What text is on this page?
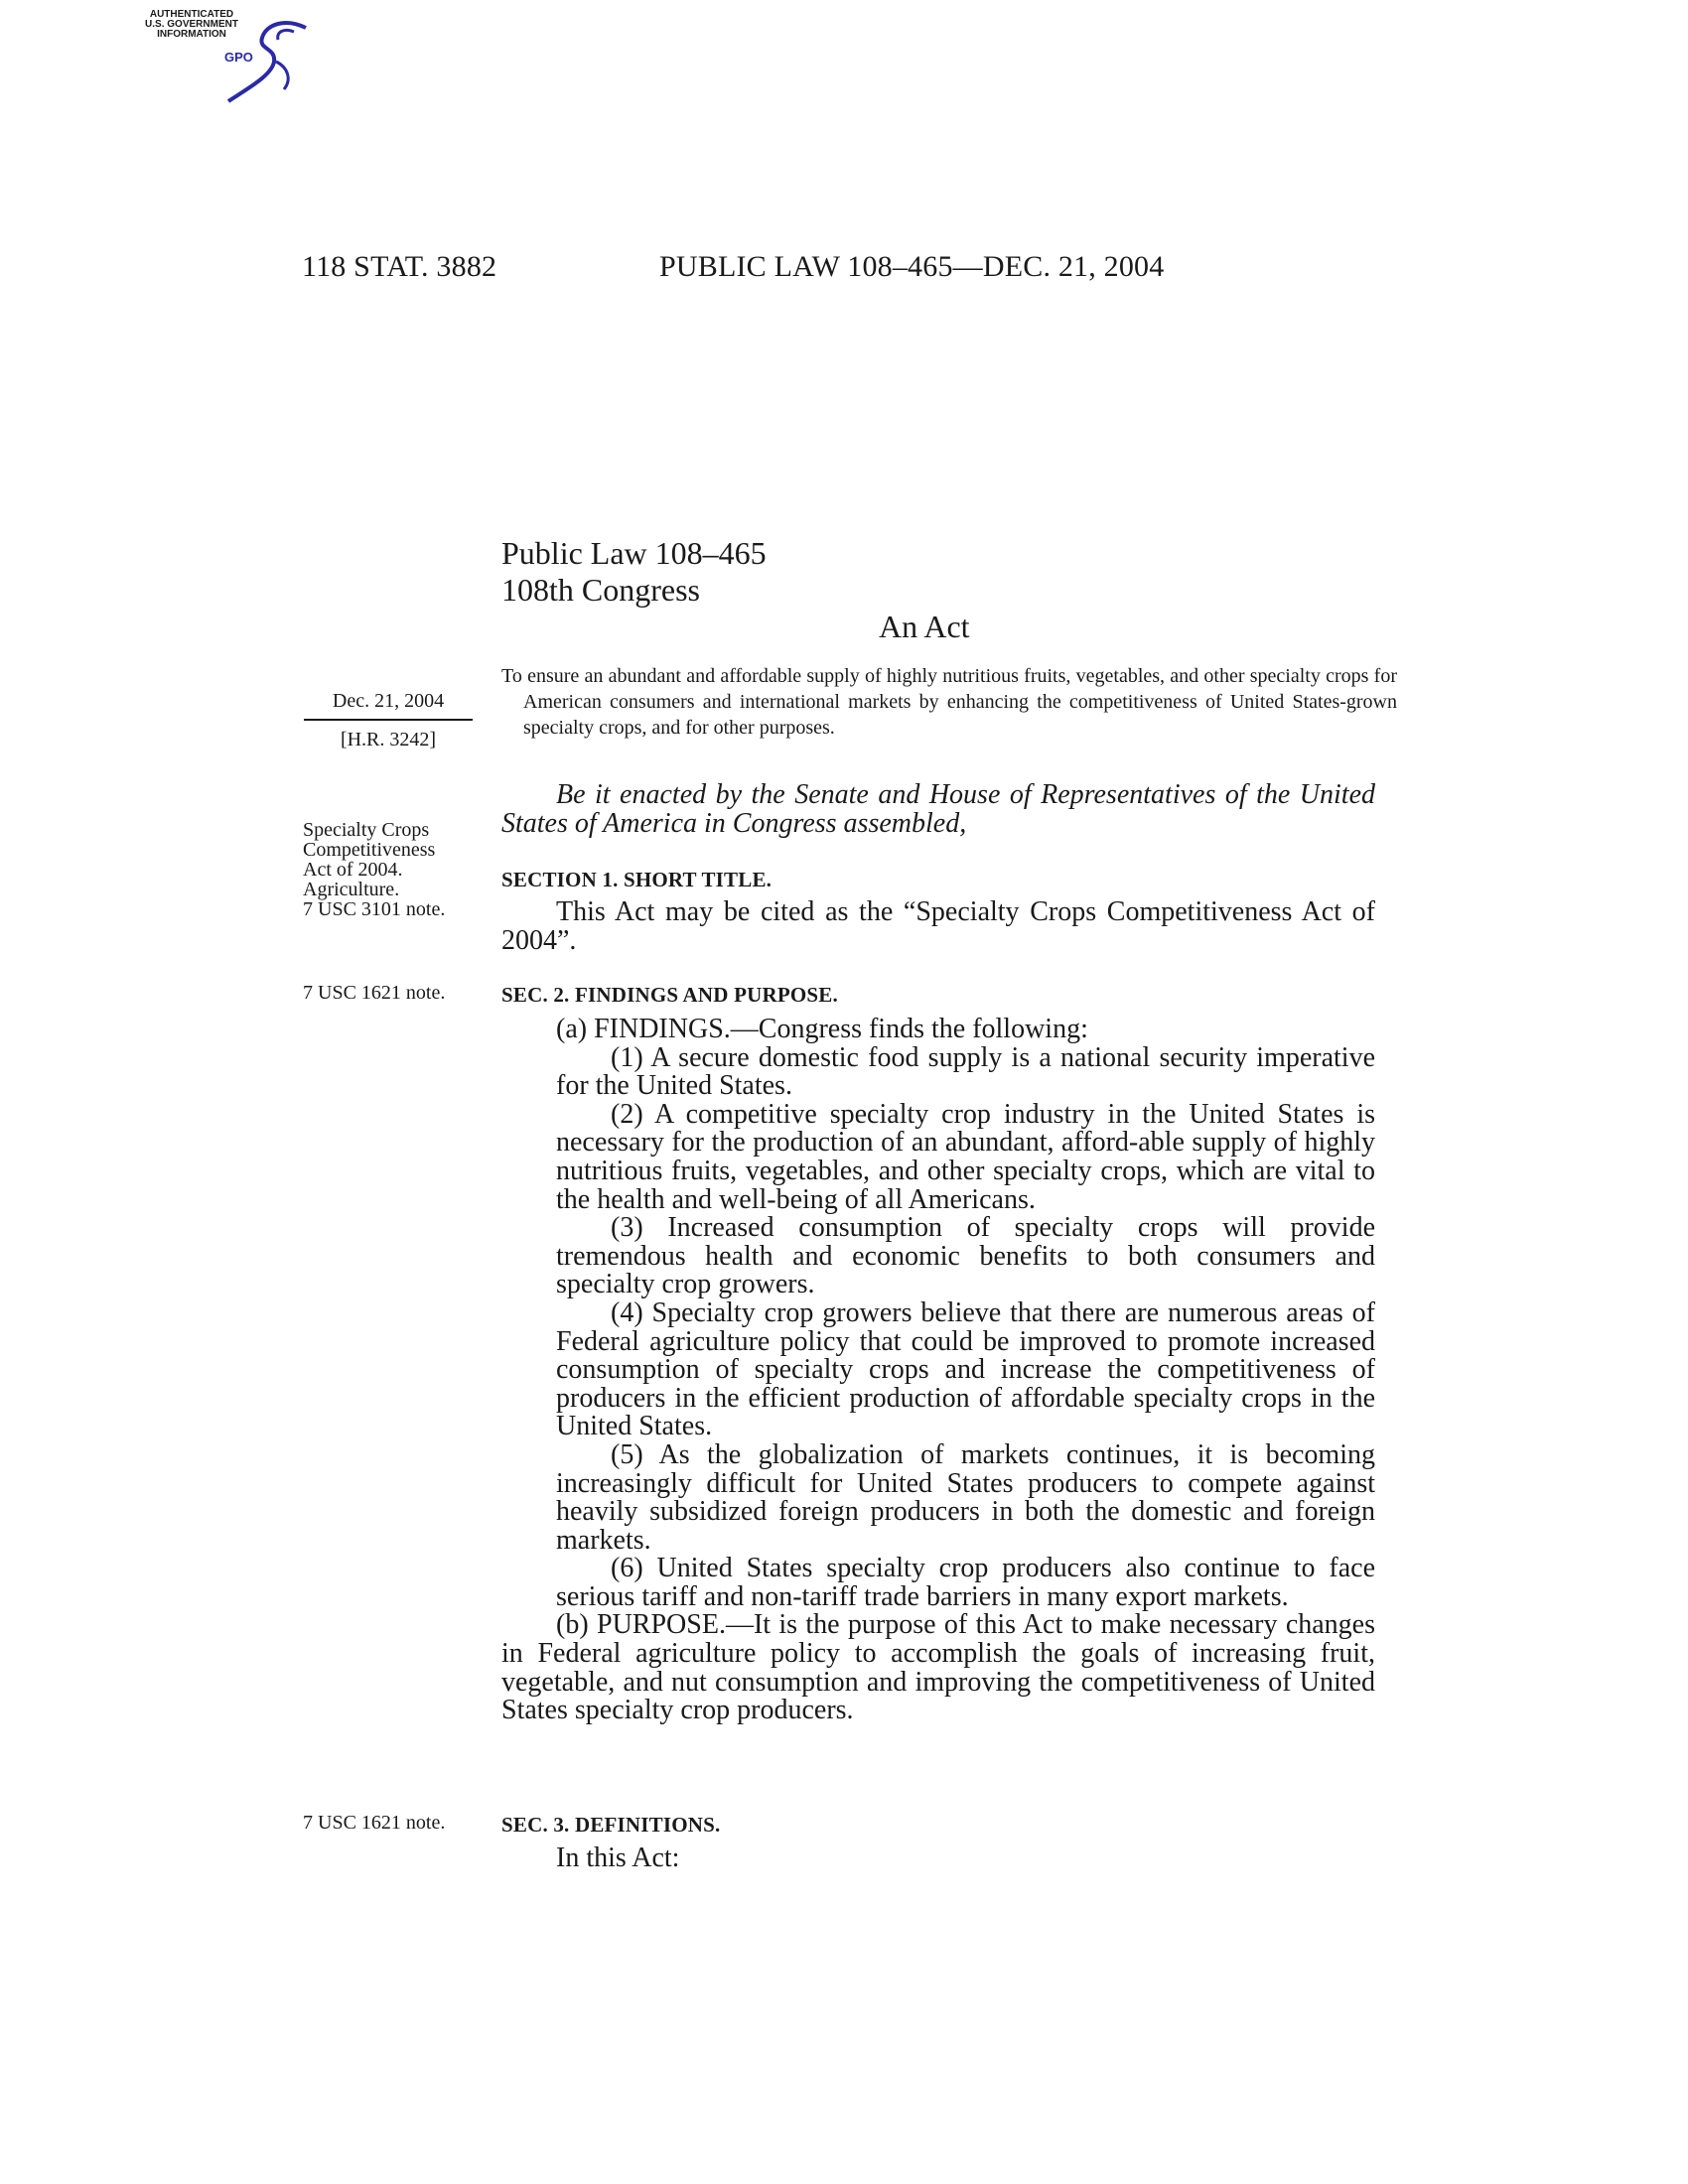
AUTHENTICATED
U.S. GOVERNMENT
INFORMATION
GPO
118 STAT. 3882	PUBLIC LAW 108–465—DEC. 21, 2004
Public Law 108–465
108th Congress
An Act
Dec. 21, 2004
[H.R. 3242]
To ensure an abundant and affordable supply of highly nutritious fruits, vegetables, and other specialty crops for American consumers and international markets by enhancing the competitiveness of United States-grown specialty crops, and for other purposes.
Be it enacted by the Senate and House of Representatives of the United States of America in Congress assembled,
Specialty Crops
Competitiveness
Act of 2004.
Agriculture.
7 USC 3101 note.
7 USC 1621 note.
7 USC 1621 note.
SECTION 1. SHORT TITLE.
This Act may be cited as the “Specialty Crops Competitiveness Act of 2004”.
SEC. 2. FINDINGS AND PURPOSE.

(a) FINDINGS.—Congress finds the following:

(1) A secure domestic food supply is a national security imperative for the United States.

(2) A competitive specialty crop industry in the United States is necessary for the production of an abundant, afford-able supply of highly nutritious fruits, vegetables, and other specialty crops, which are vital to the health and well-being of all Americans.

(3) Increased consumption of specialty crops will provide tremendous health and economic benefits to both consumers and specialty crop growers.

(4) Specialty crop growers believe that there are numerous areas of Federal agriculture policy that could be improved to promote increased consumption of specialty crops and increase the competitiveness of producers in the efficient production of affordable specialty crops in the United States.

(5) As the globalization of markets continues, it is becoming increasingly difficult for United States producers to compete against heavily subsidized foreign producers in both the domestic and foreign markets.

(6) United States specialty crop producers also continue to face serious tariff and non-tariff trade barriers in many export markets.

(b) PURPOSE.—It is the purpose of this Act to make necessary changes in Federal agriculture policy to accomplish the goals of increasing fruit, vegetable, and nut consumption and improving the competitiveness of United States specialty crop producers.

SEC. 3. DEFINITIONS.
In this Act:
